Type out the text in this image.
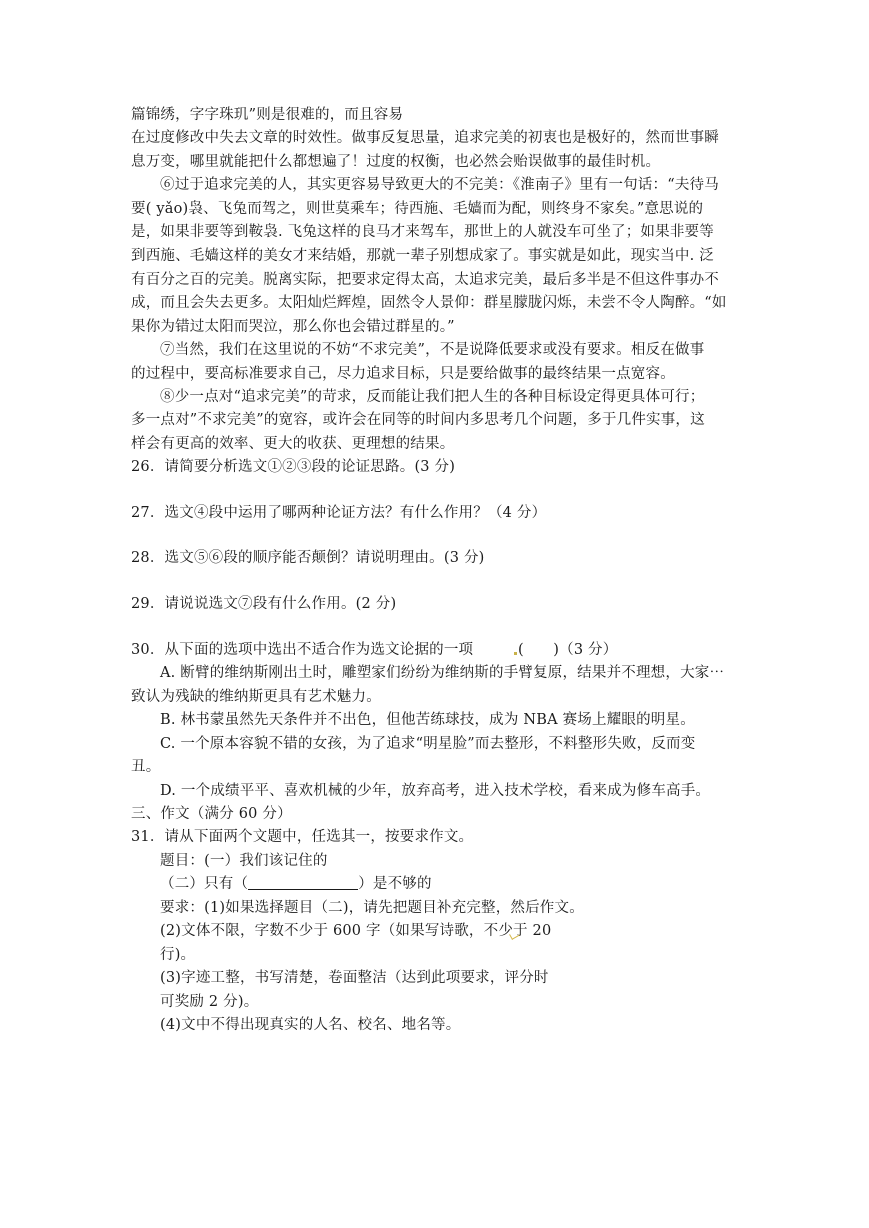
篇锦绣，字字珠玑”则是很难的，而且容易

在过度修改中失去文章的时效性。做事反复思量，追求完美的初衷也是极好的，然而世事瞬

息万变，哪里就能把什么都想遍了！过度的权衡，也必然会贻误做事的最佳时机。

⑥过于追求完美的人，其实更容易导致更大的不完美：《淮南子》里有一句话：“夫待马

要( yǎo)袅、飞兔而驾之，则世莫乘车；待西施、毛嫱而为配，则终身不家矣。”意思说的

是，如果非要等到鞍袅. 飞兔这样的良马才来驾车，那世上的人就没车可坐了；如果非要等

到西施、毛嫱这样的美女才来结婚，那就一辈子别想成家了。事实就是如此，现实当中. 泛

有百分之百的完美。脱离实际，把要求定得太高，太追求完美，最后多半是不但这件事办不

成，而且会失去更多。太阳灿烂辉煌，固然令人景仰：群星朦胧闪烁，未尝不令人陶醉。“如

果你为错过太阳而哭泣，那么你也会错过群星的。”

⑦当然，我们在这里说的不妨“不求完美”，不是说降低要求或没有要求。相反在做事

的过程中，要高标准要求自己，尽力追求目标，只是要给做事的最终结果一点宽容。

⑧少一点对“追求完美”的苛求，反而能让我们把人生的各种目标设定得更具体可行；

多一点对”不求完美”的宽容，或许会在同等的时间内多思考几个问题，多于几件实事，这

样会有更高的效率、更大的收获、更理想的结果。

26．请简要分析选文①②③段的论证思路。(3 分)

27．选文④段中运用了哪两种论证方法？有什么作用？（4 分）

28．选文⑤⑥段的顺序能否颠倒？请说明理由。(3 分)

29．请说说选文⑦段有什么作用。(2 分)

30．从下面的选项中选出不适合作为选文论据的一项	(　　)（3 分）

A. 断臂的维纳斯刚出土时，雕塑家们纷纷为维纳斯的手臂复原，结果并不理想，大家⋯

致认为残缺的维纳斯更具有艺术魅力。

B. 林书蒙虽然先天条件并不出色，但他苦练球技，成为 NBA 赛场上耀眼的明星。

C. 一个原本容貌不错的女孩，为了追求“明星脸”而去整形，不料整形失败，反而变

丑。

D. 一个成绩平平、喜欢机械的少年，放弃高考，进入技术学校，看来成为修车高手。

三、作文（满分 60 分）

31．请从下面两个文题中，任选其一，按要求作文。

题目：(一）我们该记住的

（二）只有（	）是不够的

要求：(1)如果选择题目（二)，请先把题目补充完整，然后作文。

(2)文体不限，字数不少于 600 字（如果写诗歌，不少于 20

行)。

(3)字迹工整，书写清楚，卷面整洁（达到此项要求，评分时

可奖励 2 分)。

(4)文中不得出现真实的人名、校名、地名等。
